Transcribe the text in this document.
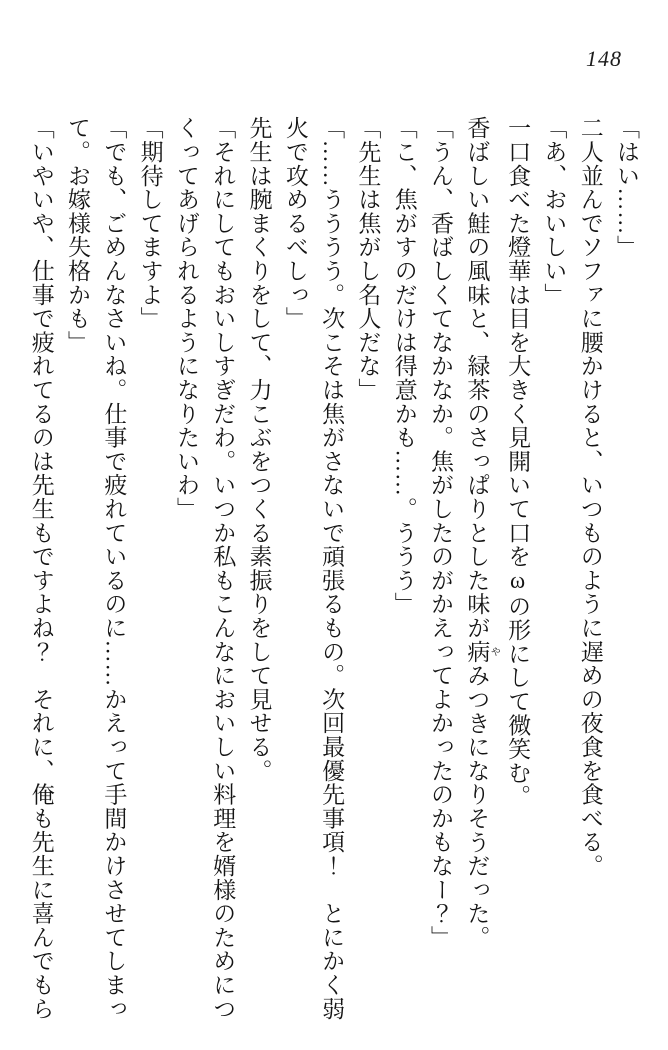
148

「はい……」

二人並んでソファに腰かけると、いつものように遅めの夜食を食べる。

「あ、おいしい」

一口食べた燈華は目を大きく見開いて口をωの形にして微笑む。

香ばしい鮭の風味と、緑茶のさっぱりとした味が病 やみつきになりそうだった。

「うん、香ばしくてなかなか。焦がしたのがかえってよかったのかもなー？」

「こ、焦がすのだけは得意かも……。ううう」

「先生は焦がし名人だな」

「……うううう。次こそは焦がさないで頑張るもの。次回最優先事項！　とにかく弱火で攻めるべしっ」

先生は腕まくりをして、力こぶをつくる素振りをして見せる。

「それにしてもおいしすぎだわ。いつか私もこんなにおいしい料理を婿様のためにつくってあげられるようになりたいわ」

「期待してますよ」

「でも、ごめんなさいね。仕事で疲れているのに……かえって手間かけさせてしまって。お嫁様失格かも」

「いやいや、仕事で疲れてるのは先生もですよね？　それに、俺も先生に喜んでもら
